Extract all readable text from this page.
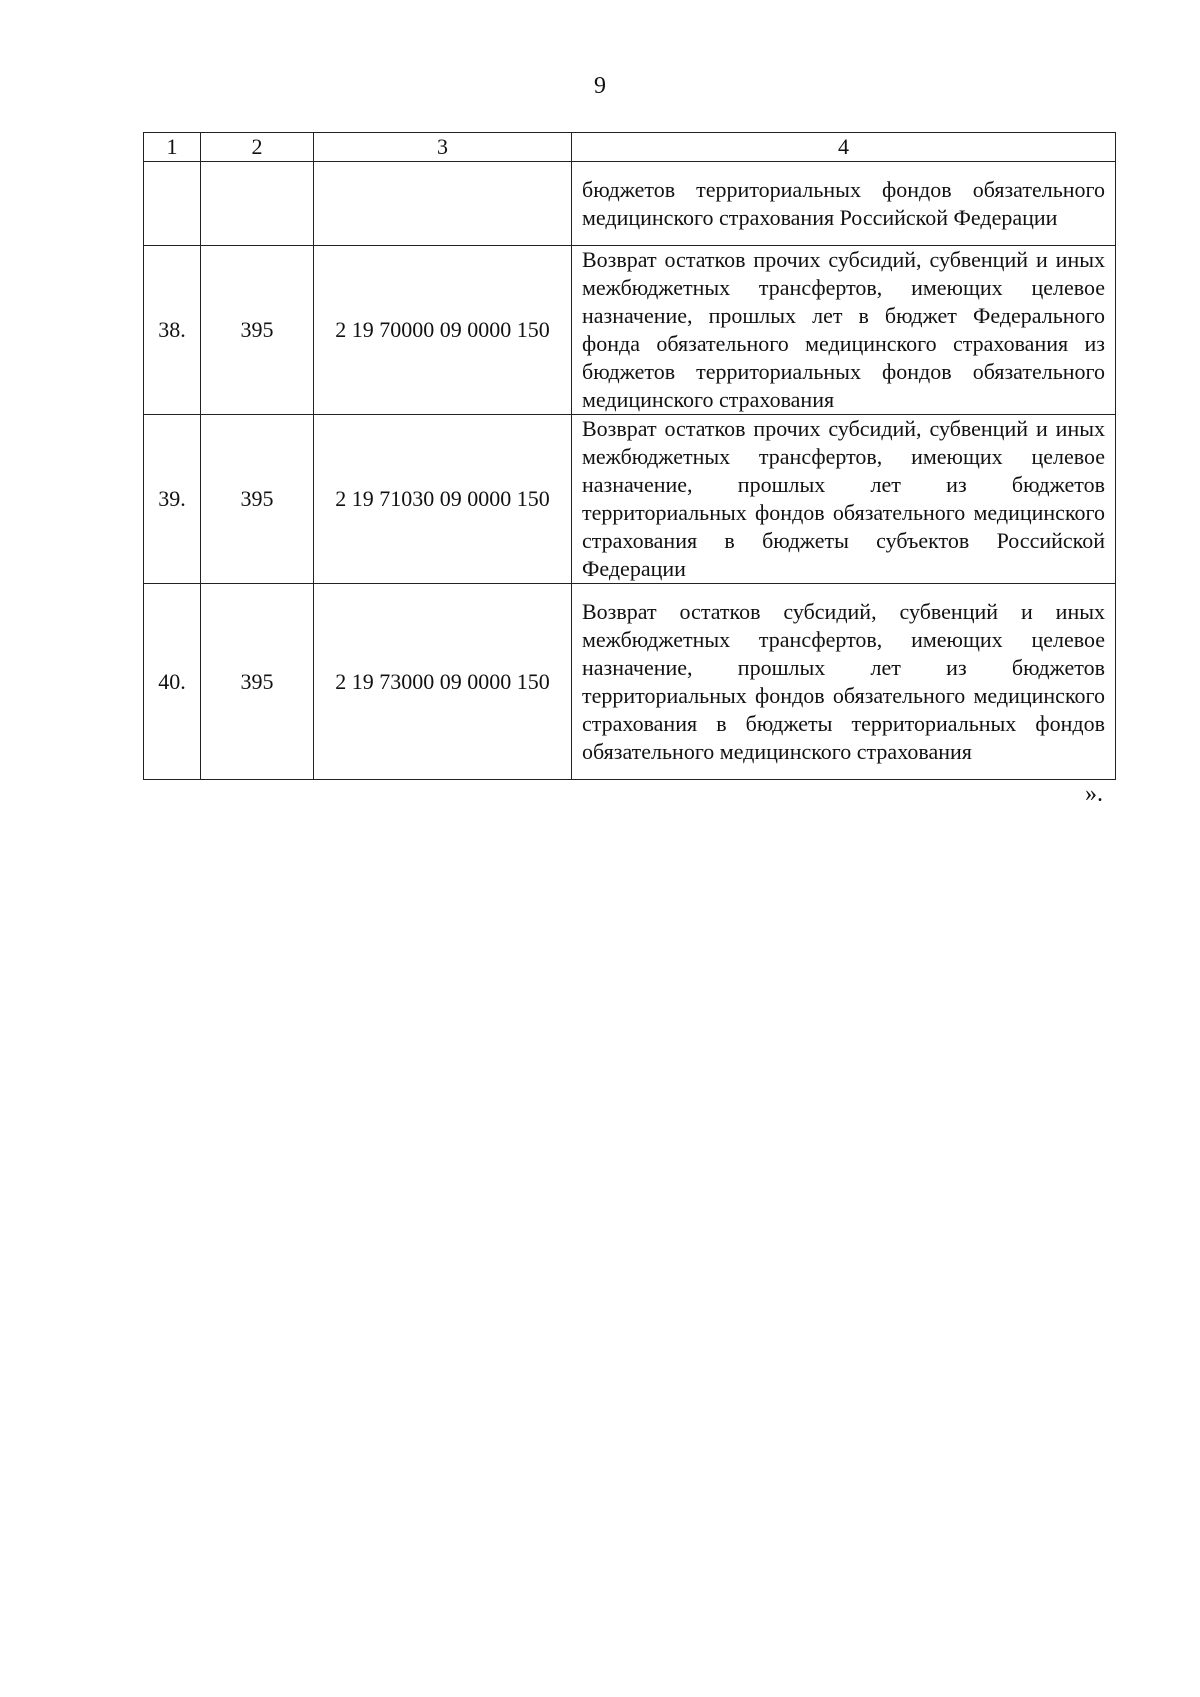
9
1	2	3	4
			бюджетов территориальных фондов обязательного медицинского страхования Российской Федерации
38.	395	2 19 70000 09 0000 150	Возврат остатков прочих субсидий, субвенций и иных межбюджетных трансфертов, имеющих целевое назначение, прошлых лет в бюджет Федерального фонда обязательного медицинского страхования из бюджетов территориальных фондов обязательного медицинского страхования
39.	395	2 19 71030 09 0000 150	Возврат остатков прочих субсидий, субвенций и иных межбюджетных трансфертов, имеющих целевое назначение, прошлых лет из бюджетов территориальных фондов обязательного медицинского страхования в бюджеты субъектов Российской Федерации
40.	395	2 19 73000 09 0000 150	Возврат остатков субсидий, субвенций и иных межбюджетных трансфертов, имеющих целевое назначение, прошлых лет из бюджетов территориальных фондов обязательного медицинского страхования в бюджеты территориальных фондов обязательного медицинского страхования
».
